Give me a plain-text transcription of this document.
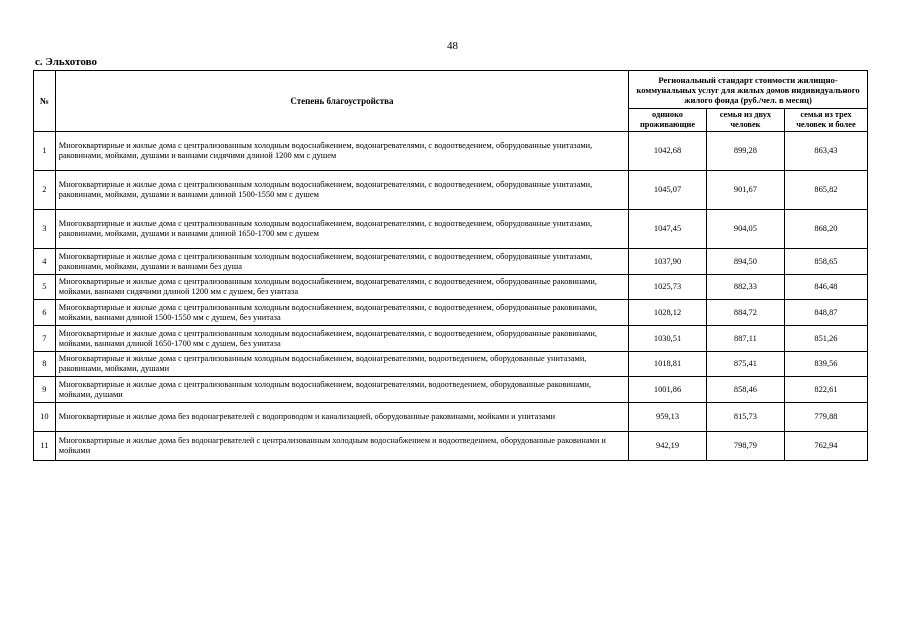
48
с. Эльхотово
№	Степень благоустройства	Региональный стандарт стоимости жилищно-коммунальных услуг для жилых домов индивидуального жилого фонда (руб./чел. в месяц)		
		одиноко проживающие	семья из двух человек	семья из трех человек и более
1	Многоквартирные и жилые дома с централизованным холодным водоснабжением, водонагревателями, с водоотведением, оборудованные унитазами, раковинами, мойками, душами и ваннами сидячими длиной 1200 мм с душем	1042,68	899,28	863,43
2	Многоквартирные и жилые дома с централизованным холодным водоснабжением, водонагревателями, с водоотведением, оборудованные унитазами, раковинами, мойками, душами и ваннами длиной 1500-1550 мм с душем	1045,07	901,67	865,82
3	Многоквартирные и жилые дома с централизованным холодным водоснабжением, водонагревателями, с водоотведением, оборудованные унитазами, раковинами, мойками, душами и ваннами длиной 1650-1700 мм с душем	1047,45	904,05	868,20
4	Многоквартирные и жилые дома с централизованным холодным водоснабжением, водонагревателями, с водоотведением, оборудованные унитазами, раковинами, мойками, душами и ваннами без душа	1037,90	894,50	858,65
5	Многоквартирные и жилые дома с централизованным холодным водоснабжением, водонагревателями, с водоотведением, оборудованные раковинами, мойками, ваннами сидячими длиной 1200 мм с душем, без унитаза	1025,73	882,33	846,48
6	Многоквартирные и жилые дома с централизованным холодным водоснабжением, водонагревателями, с водоотведением, оборудованные раковинами, мойками, ваннами длиной 1500-1550 мм с душем, без унитаза	1028,12	884,72	848,87
7	Многоквартирные и жилые дома с централизованным холодным водоснабжением, водонагревателями, с водоотведением, оборудованные раковинами, мойками, ваннами длиной 1650-1700 мм с душем, без унитаза	1030,51	887,11	851,26
8	Многоквартирные и жилые дома с централизованным холодным водоснабжением, водонагревателями, водоотведением, оборудованные унитазами, раковинами, мойками, душами	1018,81	875,41	839,56
9	Многоквартирные и жилые дома с централизованным холодным водоснабжением, водонагревателями, водоотведением, оборудованные раковинами, мойками, душами	1001,86	858,46	822,61
10	Многоквартирные и жилые дома без водонагревателей с водопроводом и канализацией, оборудованные раковинами, мойками и унитазами	959,13	815,73	779,88
11	Многоквартирные и жилые дома без водонагревателей с централизованным холодным водоснабжением и водоотведением, оборудованные раковинами и мойками	942,19	798,79	762,94
